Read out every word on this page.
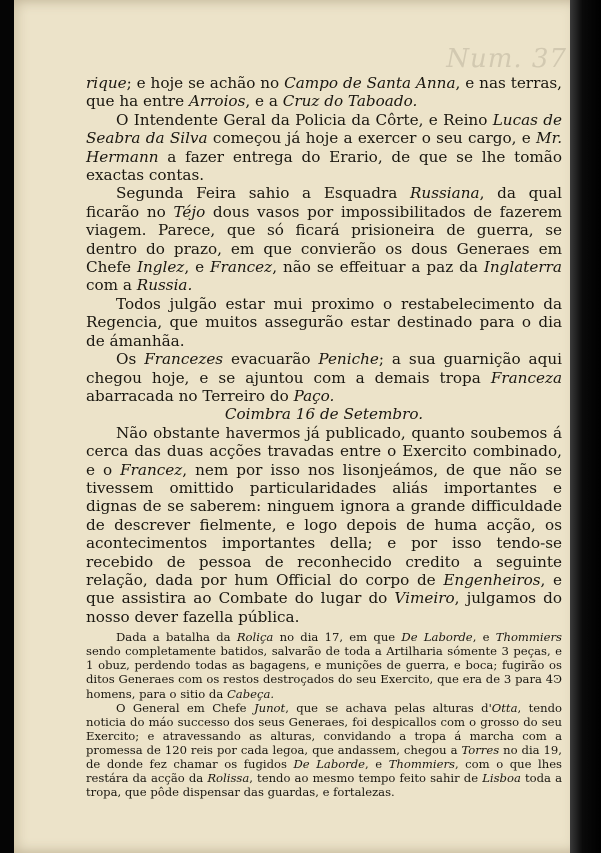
Num. 37

rique; e hoje se achão no Campo de Santa Anna, e nas terras, que ha entre Arroios, e a Cruz do Taboado.

O Intendente Geral da Policia da Côrte, e Reino Lucas de Seabra da Silva começou já hoje a exercer o seu cargo, e Mr. Hermann a fazer entrega do Erario, de que se lhe tomão exactas contas.

Segunda Feira sahio a Esquadra Russiana, da qual ficarão no Téjo dous vasos por impossibilitados de fazerem viagem. Parece, que só ficará prisioneira de guerra, se dentro do prazo, em que convierão os dous Generaes em Chefe Inglez, e Francez, não se effeituar a paz da Inglaterra com a Russia.

Todos julgão estar mui proximo o restabelecimento da Regencia, que muitos assegurão estar destinado para o dia de ámanhãa.

Os Francezes evacuarão Peniche; a sua guarnição aqui chegou hoje, e se ajuntou com a demais tropa Franceza abarracada no Terreiro do Paço.

Coimbra 16 de Setembro.

Não obstante havermos já publicado, quanto soubemos á cerca das duas acções travadas entre o Exercito combinado, e o Francez, nem por isso nos lisonjeámos, de que não se tivessem omittido particularidades aliás importantes e dignas de se saberem: ninguem ignora a grande difficuldade de descrever fielmente, e logo depois de huma acção, os acontecimentos importantes della; e por isso tendo-se recebido de pessoa de reconhecido credito a seguinte relação, dada por hum Official do corpo de Engenheiros, e que assistira ao Combate do lugar do Vimeiro, julgamos do nosso dever fazella pública.

Dada a batalha da Roliça no dia 17, em que De Laborde, e Thommiers sendo completamente batidos, salvarão de toda a Artilharia sómente 3 peças, e 1 obuz, perdendo todas as bagagens, e munições de guerra, e boca; fugirão os ditos Generaes com os restos destroçados do seu Exercito, que era de 3 para 4Ͽ homens, para o sitio da Cabeça.

O General em Chefe Junot, que se achava pelas alturas d'Otta, tendo noticia do máo successo dos seus Generaes, foi despicallos com o grosso do seu Exercito; e atravessando as alturas, convidando a tropa á marcha com a promessa de 120 reis por cada legoa, que andassem, chegou a Torres no dia 19, de donde fez chamar os fugidos De Laborde, e Thommiers, com o que lhes restára da acção da Rolissa, tendo ao mesmo tempo feito sahir de Lisboa toda a tropa, que pôde dispensar das guardas, e fortalezas.
